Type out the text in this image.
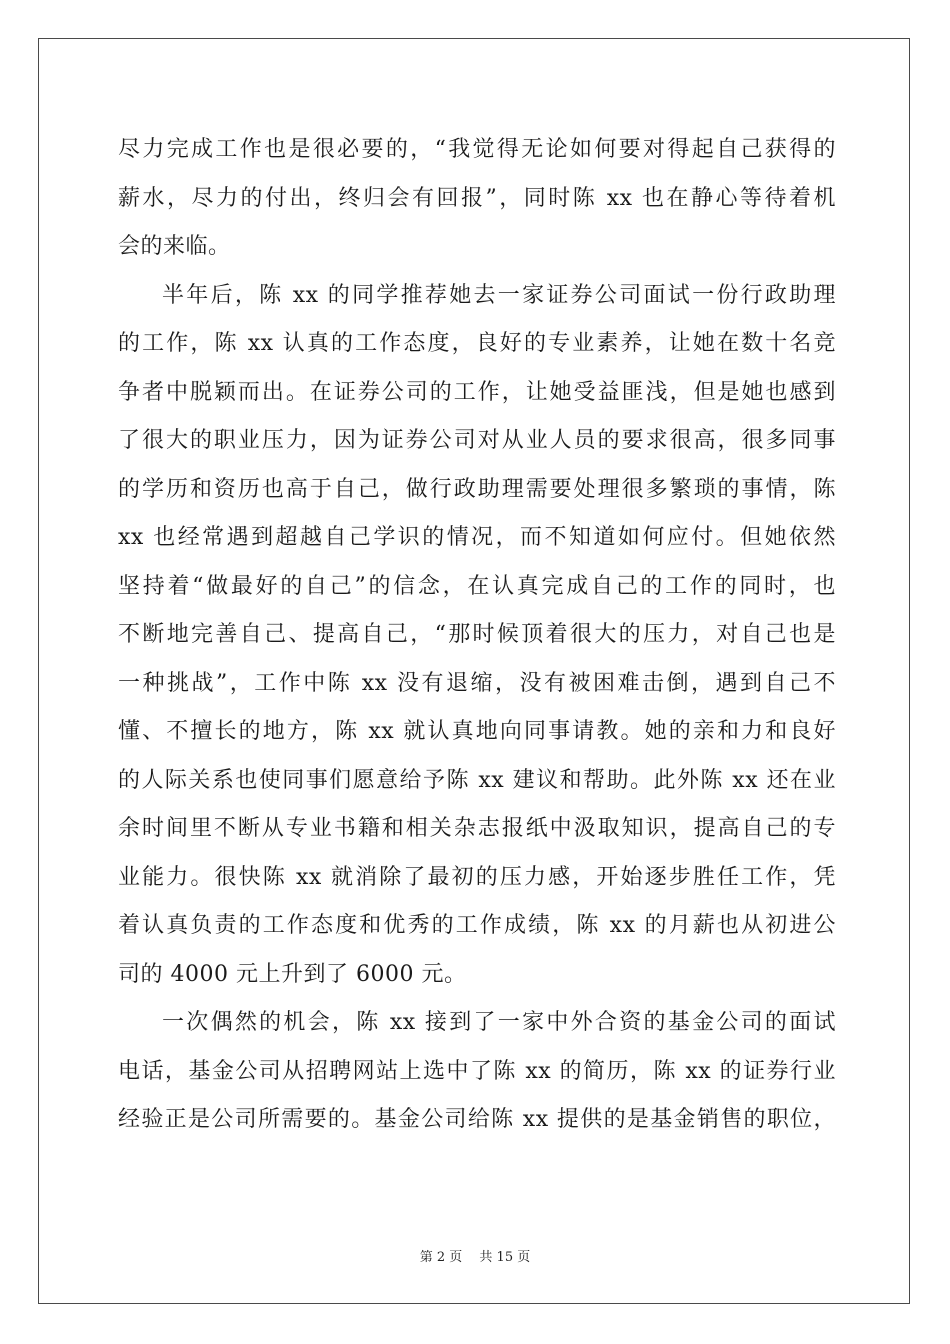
尽力完成工作也是很必要的，“我觉得无论如何要对得起自己获得的
薪水，尽力的付出，终归会有回报”，同时陈 xx 也在静心等待着机
会的来临。
半年后，陈 xx 的同学推荐她去一家证券公司面试一份行政助理
的工作，陈 xx 认真的工作态度，良好的专业素养，让她在数十名竞
争者中脱颖而出。在证券公司的工作，让她受益匪浅，但是她也感到
了很大的职业压力，因为证券公司对从业人员的要求很高，很多同事
的学历和资历也高于自己，做行政助理需要处理很多繁琐的事情，陈
xx 也经常遇到超越自己学识的情况，而不知道如何应付。但她依然
坚持着“做最好的自己”的信念，在认真完成自己的工作的同时，也
不断地完善自己、提高自己，“那时候顶着很大的压力，对自己也是
一种挑战”，工作中陈 xx 没有退缩，没有被困难击倒，遇到自己不
懂、不擅长的地方，陈 xx 就认真地向同事请教。她的亲和力和良好
的人际关系也使同事们愿意给予陈 xx 建议和帮助。此外陈 xx 还在业
余时间里不断从专业书籍和相关杂志报纸中汲取知识，提高自己的专
业能力。很快陈 xx 就消除了最初的压力感，开始逐步胜任工作，凭
着认真负责的工作态度和优秀的工作成绩，陈 xx 的月薪也从初进公
司的 4000 元上升到了 6000 元。
一次偶然的机会，陈 xx 接到了一家中外合资的基金公司的面试
电话，基金公司从招聘网站上选中了陈 xx 的简历，陈 xx 的证券行业
经验正是公司所需要的。基金公司给陈 xx 提供的是基金销售的职位，
第 2 页　 共 15 页
